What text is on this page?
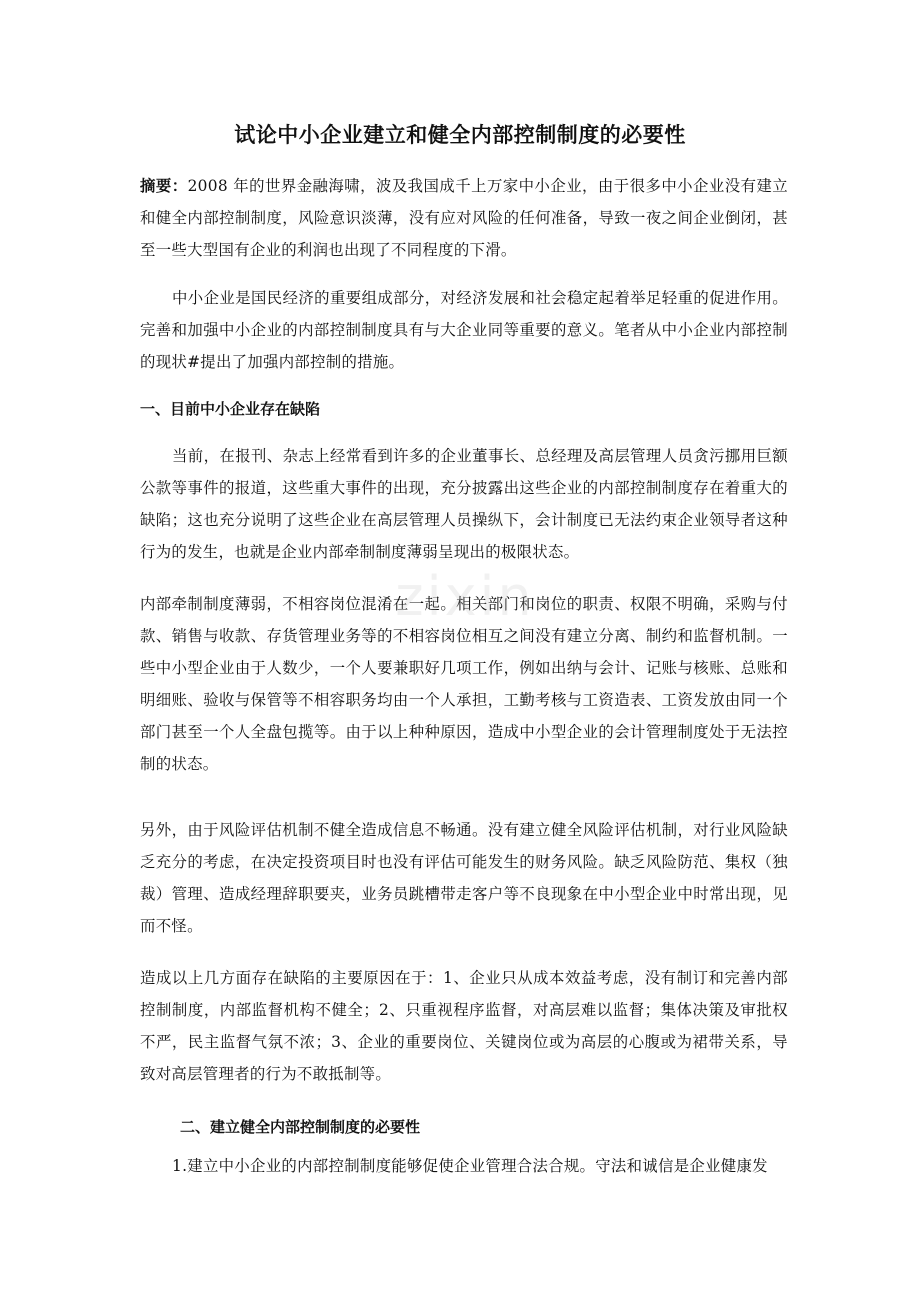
试论中小企业建立和健全内部控制制度的必要性
摘要：2008 年的世界金融海啸，波及我国成千上万家中小企业，由于很多中小企业没有建立和健全内部控制制度，风险意识淡薄，没有应对风险的任何准备，导致一夜之间企业倒闭，甚至一些大型国有企业的利润也出现了不同程度的下滑。
中小企业是国民经济的重要组成部分，对经济发展和社会稳定起着举足轻重的促进作用。完善和加强中小企业的内部控制制度具有与大企业同等重要的意义。笔者从中小企业内部控制的现状#提出了加强内部控制的措施。
一、目前中小企业存在缺陷
当前，在报刊、杂志上经常看到许多的企业董事长、总经理及高层管理人员贪污挪用巨额公款等事件的报道，这些重大事件的出现，充分披露出这些企业的内部控制制度存在着重大的缺陷；这也充分说明了这些企业在高层管理人员操纵下，会计制度已无法约束企业领导者这种行为的发生，也就是企业内部牵制制度薄弱呈现出的极限状态。
内部牵制制度薄弱，不相容岗位混淆在一起。相关部门和岗位的职责、权限不明确，采购与付款、销售与收款、存货管理业务等的不相容岗位相互之间没有建立分离、制约和监督机制。一些中小型企业由于人数少，一个人要兼职好几项工作，例如出纳与会计、记账与核账、总账和明细账、验收与保管等不相容职务均由一个人承担，工勤考核与工资造表、工资发放由同一个部门甚至一个人全盘包揽等。由于以上种种原因，造成中小型企业的会计管理制度处于无法控制的状态。
另外，由于风险评估机制不健全造成信息不畅通。没有建立健全风险评估机制，对行业风险缺乏充分的考虑，在决定投资项目时也没有评估可能发生的财务风险。缺乏风险防范、集权（独裁）管理、造成经理辞职要夹，业务员跳槽带走客户等不良现象在中小型企业中时常出现，见而不怪。
造成以上几方面存在缺陷的主要原因在于：1、企业只从成本效益考虑，没有制订和完善内部控制制度，内部监督机构不健全；2、只重视程序监督，对高层难以监督；集体决策及审批权不严，民主监督气氛不浓；3、企业的重要岗位、关键岗位或为高层的心腹或为裙带关系，导致对高层管理者的行为不敢抵制等。
二、建立健全内部控制制度的必要性
1.建立中小企业的内部控制制度能够促使企业管理合法合规。守法和诚信是企业健康发
zixin
